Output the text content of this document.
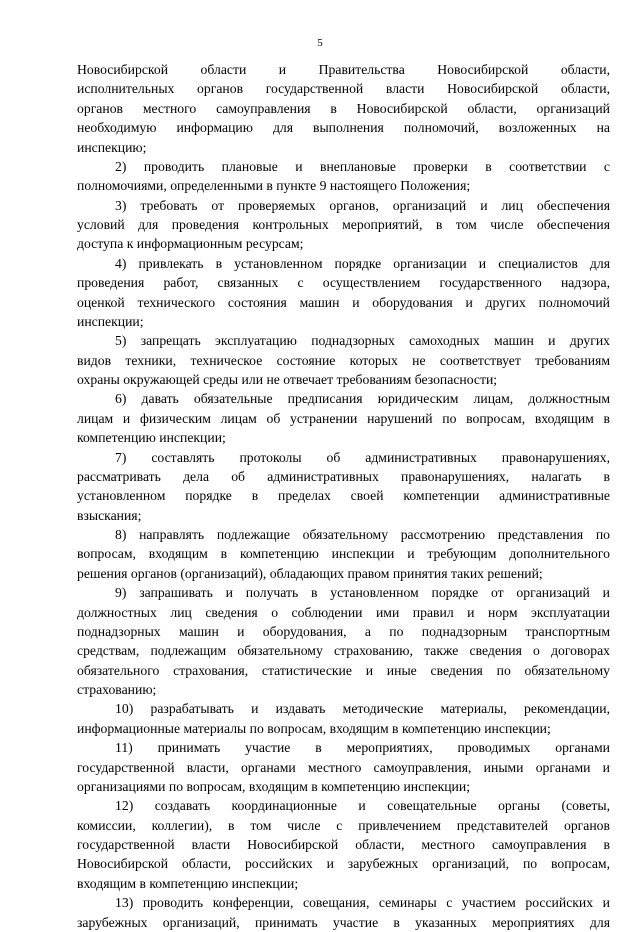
5
Новосибирской области и Правительства Новосибирской области,
исполнительных органов государственной власти Новосибирской области,
органов местного самоуправления в Новосибирской области, организаций
необходимую информацию для выполнения полномочий, возложенных на
инспекцию;
2) проводить плановые и внеплановые проверки в соответствии с
полномочиями, определенными в пункте 9 настоящего Положения;
3) требовать от проверяемых органов, организаций и лиц обеспечения
условий для проведения контрольных мероприятий, в том числе обеспечения
доступа к информационным ресурсам;
4) привлекать в установленном порядке организации и специалистов для
проведения работ, связанных с осуществлением государственного надзора,
оценкой технического состояния машин и оборудования и других полномочий
инспекции;
5) запрещать эксплуатацию поднадзорных самоходных машин и других
видов техники, техническое состояние которых не соответствует требованиям
охраны окружающей среды или не отвечает требованиям безопасности;
6) давать обязательные предписания юридическим лицам, должностным
лицам и физическим лицам об устранении нарушений по вопросам, входящим в
компетенцию инспекции;
7) составлять протоколы об административных правонарушениях,
рассматривать дела об административных правонарушениях, налагать в
установленном порядке в пределах своей компетенции административные
взыскания;
8) направлять подлежащие обязательному рассмотрению представления по
вопросам, входящим в компетенцию инспекции и требующим дополнительного
решения органов (организаций), обладающих правом принятия таких решений;
9) запрашивать и получать в установленном порядке от организаций и
должностных лиц сведения о соблюдении ими правил и норм эксплуатации
поднадзорных машин и оборудования, а по поднадзорным транспортным
средствам, подлежащим обязательному страхованию, также сведения о договорах
обязательного страхования, статистические и иные сведения по обязательному
страхованию;
10) разрабатывать и издавать методические материалы, рекомендации,
информационные материалы по вопросам, входящим в компетенцию инспекции;
11) принимать участие в мероприятиях, проводимых органами
государственной власти, органами местного самоуправления, иными органами и
организациями по вопросам, входящим в компетенцию инспекции;
12) создавать координационные и совещательные органы (советы,
комиссии, коллегии), в том числе с привлечением представителей органов
государственной власти Новосибирской области, местного самоуправления в
Новосибирской области, российских и зарубежных организаций, по вопросам,
входящим в компетенцию инспекции;
13) проводить конференции, совещания, семинары с участием российских и
зарубежных организаций, принимать участие в указанных мероприятиях для
